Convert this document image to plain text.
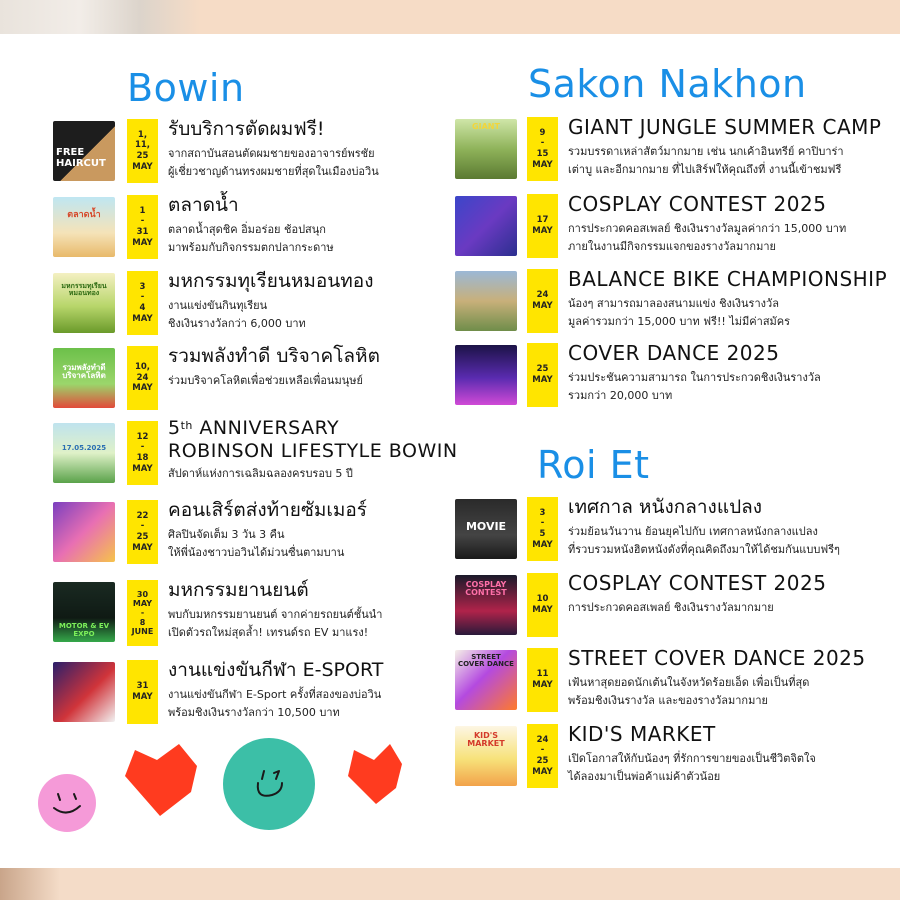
Bowin
FREE HAIRCUT
1,
11,
25
MAY
รับบริการตัดผมฟรี!
จากสถาบันสอนตัดผมชายของอาจารย์พรชัย
ผู้เชี่ยวชาญด้านทรงผมชายที่สุดในเมืองบ่อวิน
ตลาดน้ำ	1
-
31
MAY
ตลาดน้ำ
ตลาดน้ำสุดชิค อิ่มอร่อย ช้อปสนุก
มาพร้อมกับกิจกรรมตกปลากระดาษ
มหกรรมทุเรียน หมอนทอง
3
-
4
MAY
มหกรรมทุเรียนหมอนทอง
งานแข่งขันกินทุเรียน
ชิงเงินรางวัลกว่า 6,000 บาท
รวมพลังทำดี บริจาคโลหิต
10,
24
MAY
รวมพลังทำดี บริจาคโลหิต
ร่วมบริจาคโลหิตเพื่อช่วยเหลือเพื่อนมนุษย์
17.05.2025
12
-
18
MAY
5th ANNIVERSARY
ROBINSON LIFESTYLE BOWIN
สัปดาห์แห่งการเฉลิมฉลองครบรอบ 5 ปี
22
-
25
MAY
คอนเสิร์ตส่งท้ายซัมเมอร์
ศิลปินจัดเต็ม 3 วัน 3 คืน
ให้พี่น้องชาวบ่อวินได้ม่วนซื่นตามบาน
MOTOR & EV EXPO
30
MAY
-
8
JUNE
มหกรรมยานยนต์
พบกับมหกรรมยานยนต์ จากค่ายรถยนต์ชั้นนำ
เปิดตัวรถใหม่สุดล้ำ! เทรนด์รถ EV มาแรง!
31
MAY
งานแข่งขันกีฬา E-SPORT
งานแข่งขันกีฬา E-Sport ครั้งที่สองของบ่อวิน
พร้อมชิงเงินรางวัลกว่า 10,500 บาท
Sakon Nakhon
GIANT
9
-
15
MAY
GIANT JUNGLE SUMMER CAMP
รวมบรรดาเหล่าสัตว์มากมาย เช่น นกเค้าอินทรีย์ คาปิบาร่า
เต่าบู และอีกมากมาย ที่ไปเสิร์ฟให้คุณถึงที่ งานนี้เข้าชมฟรี
17
MAY
COSPLAY CONTEST 2025
การประกวดคอสเพลย์ ชิงเงินรางวัลมูลค่ากว่า 15,000 บาท
ภายในงานมีกิจกรรมแจกของรางวัลมากมาย
24
MAY
BALANCE BIKE CHAMPIONSHIP
น้องๆ สามารถมาลองสนามแข่ง ชิงเงินรางวัล
มูลค่ารวมกว่า 15,000 บาท ฟรี!! ไม่มีค่าสมัคร
25
MAY
COVER DANCE 2025
ร่วมประชันความสามารถ ในการประกวดชิงเงินรางวัล
รวมกว่า 20,000 บาท
Roi Et
MOVIE
3
-
5
MAY
เทศกาล หนังกลางแปลง
ร่วมย้อนวันวาน ย้อนยุคไปกับ เทศกาลหนังกลางแปลง
ที่รวบรวมหนังฮิตหนังดังที่คุณคิดถึงมาให้ได้ชมกันแบบฟรีๆ
COSPLAY CONTEST
10
MAY
COSPLAY CONTEST 2025
การประกวดคอสเพลย์ ชิงเงินรางวัลมากมาย
STREET COVER DANCE
11
MAY
STREET COVER DANCE 2025
เฟ้นหาสุดยอดนักเต้นในจังหวัดร้อยเอ็ด เพื่อเป็นที่สุด
พร้อมชิงเงินรางวัล และของรางวัลมากมาย
KID'S MARKET	24
-
25
MAY
KID'S MARKET
เปิดโอกาสให้กับน้องๆ ที่รักการขายของเป็นชีวิตจิตใจ
ได้ลองมาเป็นพ่อค้าแม่ค้าตัวน้อย
